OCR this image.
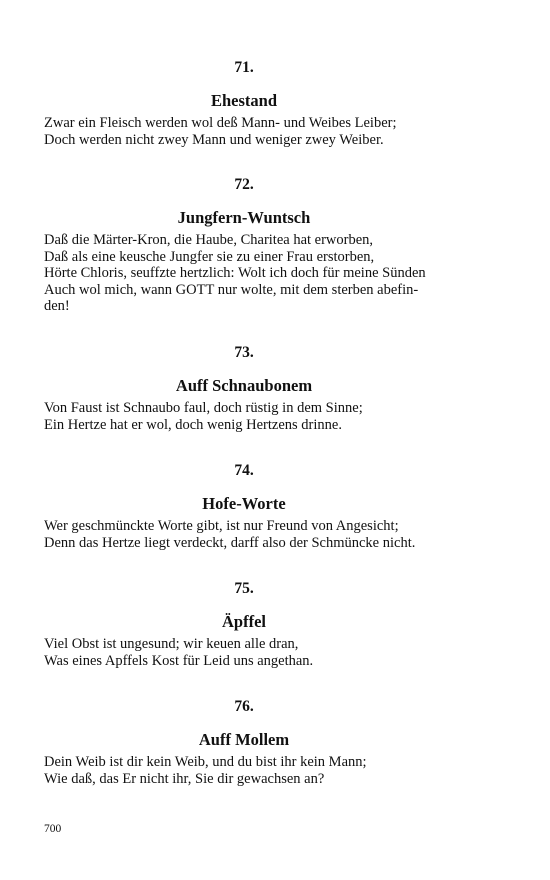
71.
Ehestand
Zwar ein Fleisch werden wol deß Mann- und Weibes Leiber;
Doch werden nicht zwey Mann und weniger zwey Weiber.
72.
Jungfern-Wuntsch
Daß die Märter-Kron, die Haube, Charitea hat erworben,
Daß als eine keusche Jungfer sie zu einer Frau erstorben,
Hörte Chloris, seuffzte hertzlich: Wolt ich doch für meine Sünden
Auch wol mich, wann GOTT nur wolte, mit dem sterben abefin-
den!
73.
Auff Schnaubonem
Von Faust ist Schnaubo faul, doch rüstig in dem Sinne;
Ein Hertze hat er wol, doch wenig Hertzens drinne.
74.
Hofe-Worte
Wer geschmünckte Worte gibt, ist nur Freund von Angesicht;
Denn das Hertze liegt verdeckt, darff also der Schmüncke nicht.
75.
Äpffel
Viel Obst ist ungesund; wir keuen alle dran,
Was eines Apffels Kost für Leid uns angethan.
76.
Auff Mollem
Dein Weib ist dir kein Weib, und du bist ihr kein Mann;
Wie daß, das Er nicht ihr, Sie dir gewachsen an?
700
